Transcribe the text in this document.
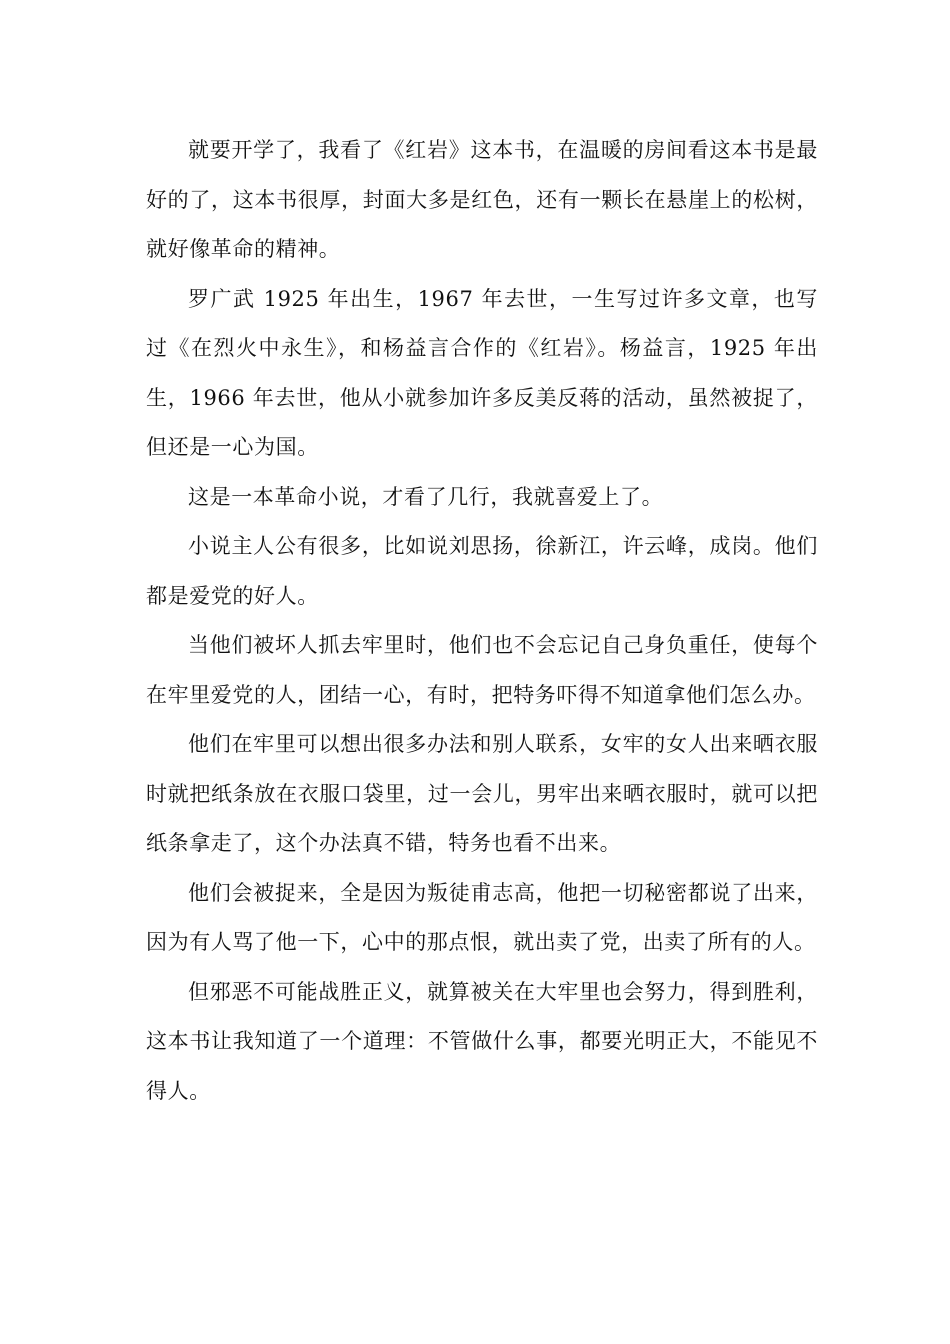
就要开学了，我看了《红岩》这本书，在温暖的房间看这本书是最好的了，这本书很厚，封面大多是红色，还有一颗长在悬崖上的松树，就好像革命的精神。

罗广武 1925 年出生，1967 年去世，一生写过许多文章，也写过《在烈火中永生》，和杨益言合作的《红岩》。杨益言，1925 年出生，1966 年去世，他从小就参加许多反美反蒋的活动，虽然被捉了，但还是一心为国。

这是一本革命小说，才看了几行，我就喜爱上了。

小说主人公有很多，比如说刘思扬，徐新江，许云峰，成岗。他们都是爱党的好人。

当他们被坏人抓去牢里时，他们也不会忘记自己身负重任，使每个在牢里爱党的人，团结一心，有时，把特务吓得不知道拿他们怎么办。

他们在牢里可以想出很多办法和别人联系，女牢的女人出来晒衣服时就把纸条放在衣服口袋里，过一会儿，男牢出来晒衣服时，就可以把纸条拿走了，这个办法真不错，特务也看不出来。

他们会被捉来，全是因为叛徒甫志高，他把一切秘密都说了出来，因为有人骂了他一下，心中的那点恨，就出卖了党，出卖了所有的人。

但邪恶不可能战胜正义，就算被关在大牢里也会努力，得到胜利，这本书让我知道了一个道理：不管做什么事，都要光明正大，不能见不得人。
